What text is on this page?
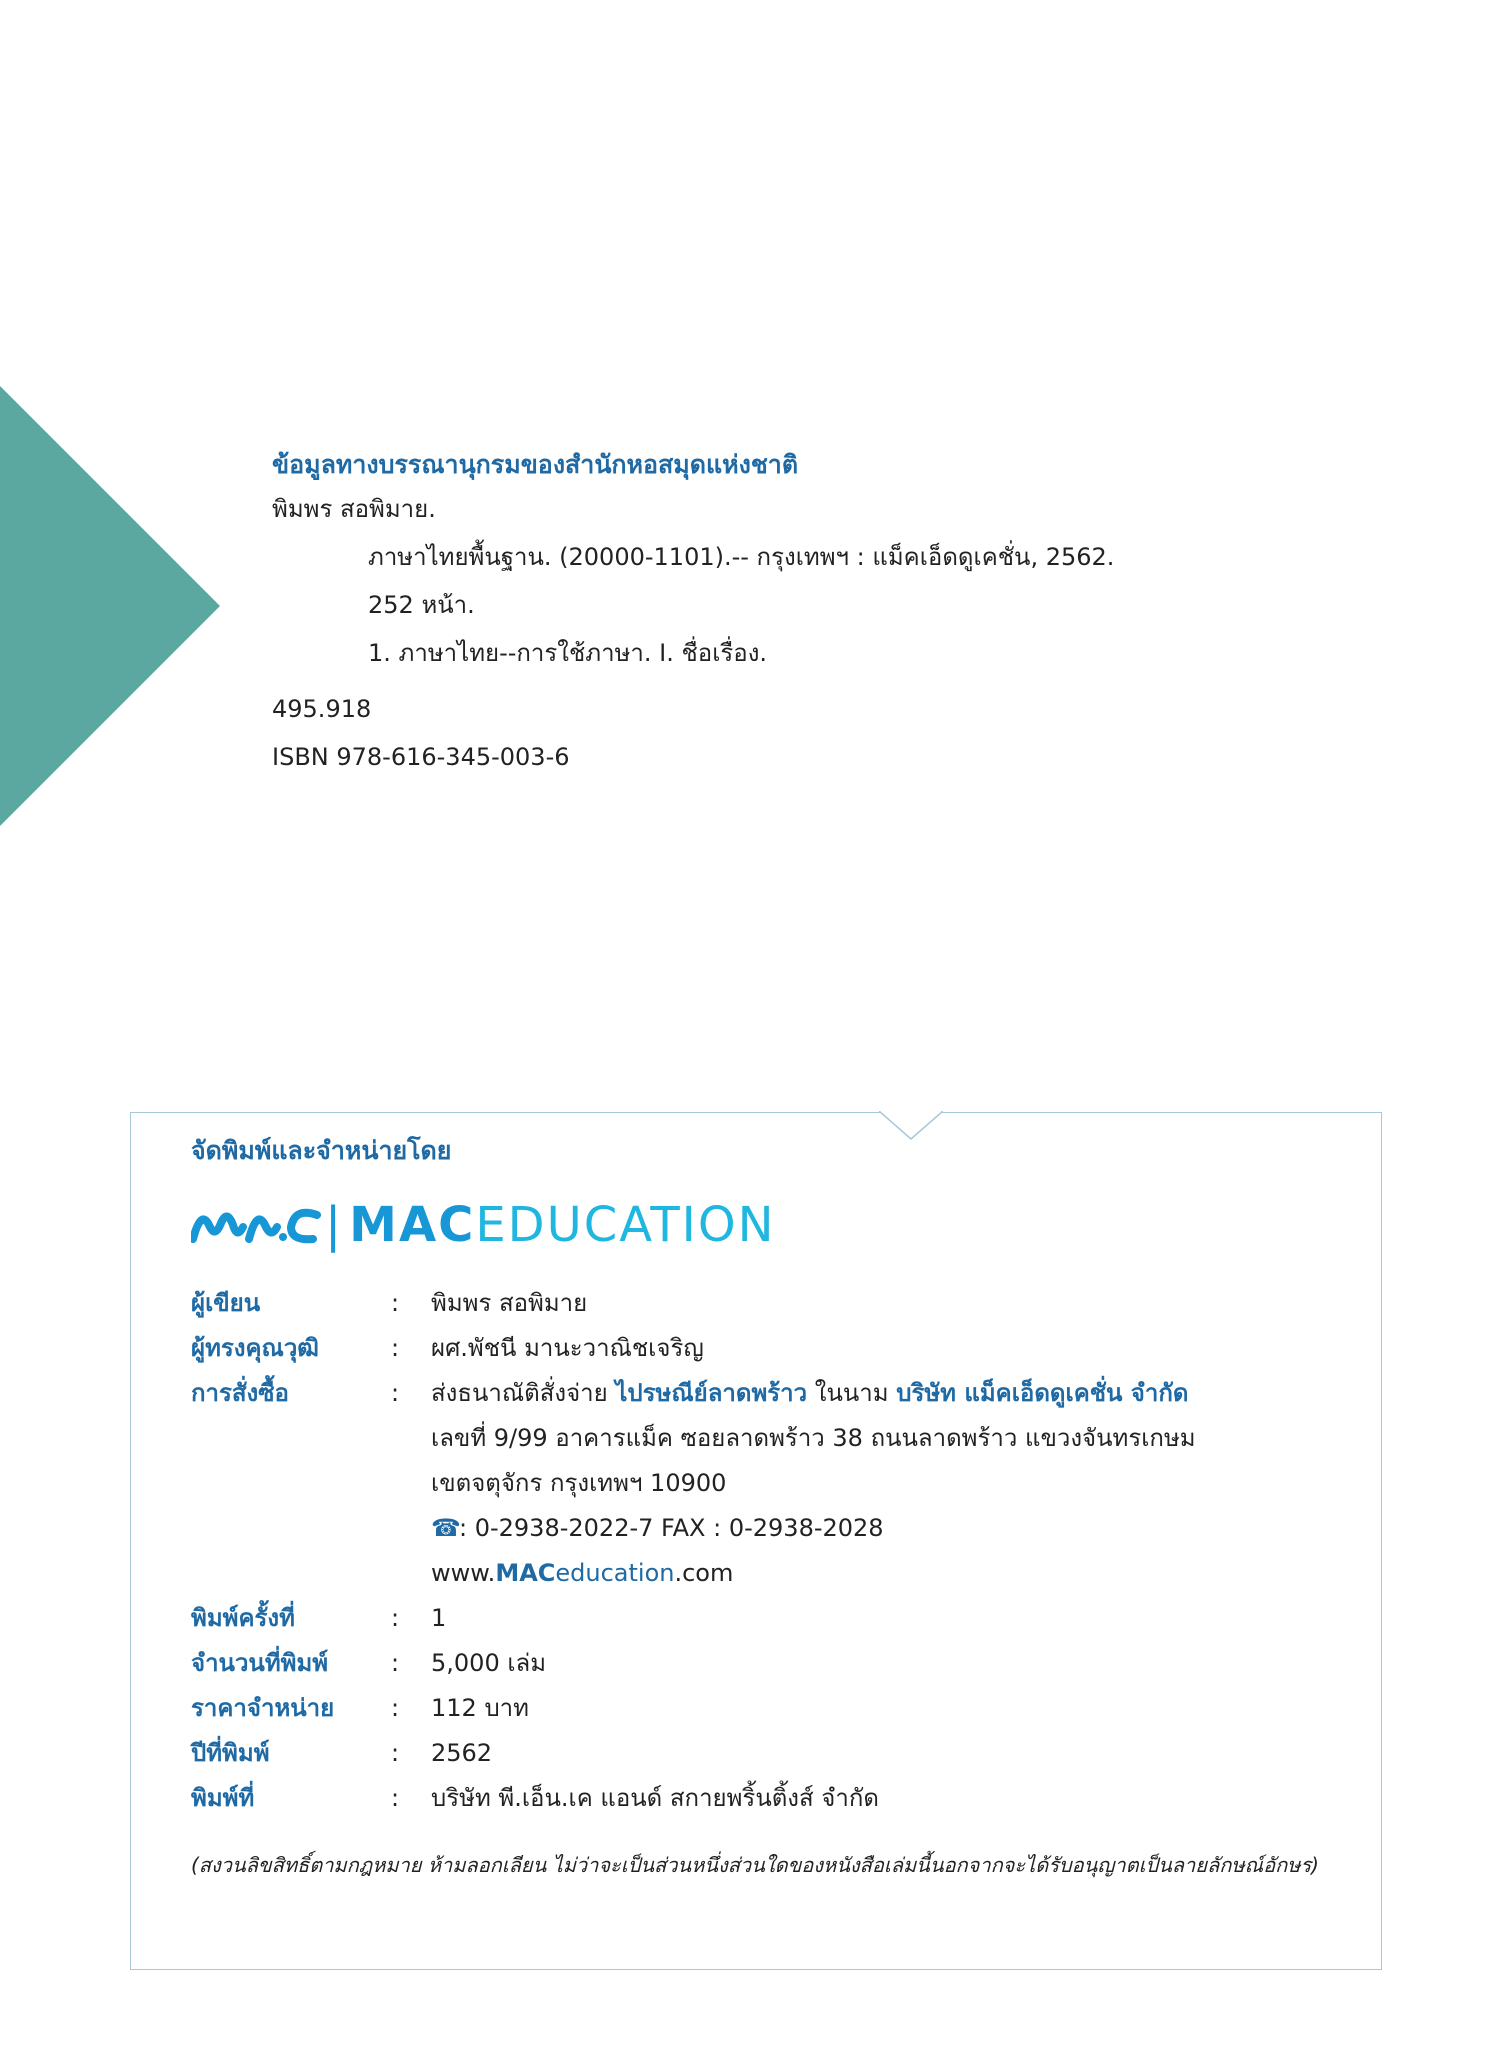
ข้อมูลทางบรรณานุกรมของสำนักหอสมุดแห่งชาติ
พิมพร สอพิมาย.
ภาษาไทยพื้นฐาน. (20000-1101).-- กรุงเทพฯ : แม็คเอ็ดดูเคชั่น, 2562.
252 หน้า.
1. ภาษาไทย--การใช้ภาษา. I. ชื่อเรื่อง.
495.918
ISBN 978-616-345-003-6
จัดพิมพ์และจำหน่ายโดย
| MACEDUCATION
ผู้เขียน	:	พิมพร สอพิมาย
ผู้ทรงคุณวุฒิ	:	ผศ.พัชนี มานะวาณิชเจริญ
การสั่งซื้อ	:	ส่งธนาณัติสั่งจ่าย ไปรษณีย์ลาดพร้าว ในนาม บริษัท แม็คเอ็ดดูเคชั่น จำกัด
เลขที่ 9/99 อาคารแม็ค ซอยลาดพร้าว 38 ถนนลาดพร้าว แขวงจันทรเกษม
เขตจตุจักร กรุงเทพฯ 10900
☎: 0-2938-2022-7 FAX : 0-2938-2028
www.MACeducation.com
พิมพ์ครั้งที่	:	1
จำนวนที่พิมพ์	:	5,000 เล่ม
ราคาจำหน่าย	:	112 บาท
ปีที่พิมพ์	:	2562
พิมพ์ที่	:	บริษัท พี.เอ็น.เค แอนด์ สกายพริ้นติ้งส์ จำกัด
(สงวนลิขสิทธิ์ตามกฎหมาย ห้ามลอกเลียน ไม่ว่าจะเป็นส่วนหนึ่งส่วนใดของหนังสือเล่มนี้นอกจากจะได้รับอนุญาตเป็นลายลักษณ์อักษร)
